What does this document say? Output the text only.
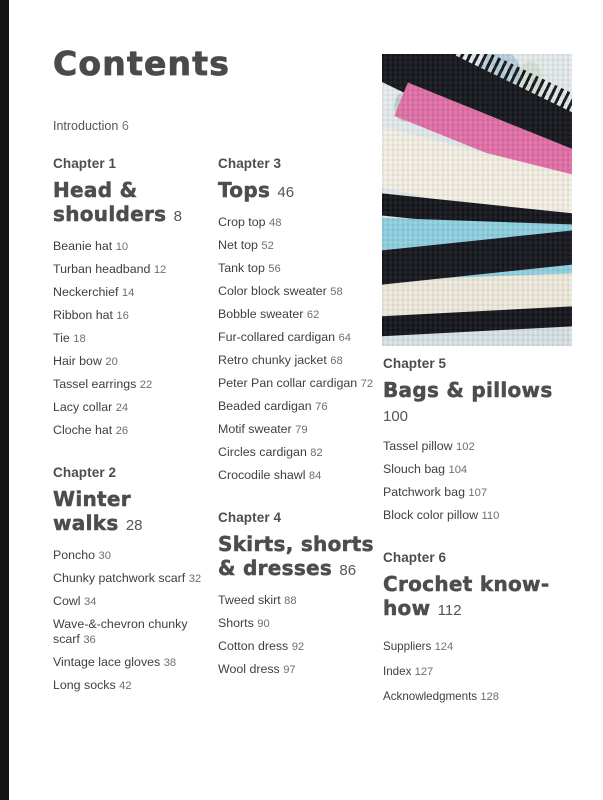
Contents
Introduction 6
Chapter 1
Head & shoulders 8
Beanie hat 10
Turban headband 12
Neckerchief 14
Ribbon hat 16
Tie 18
Hair bow 20
Tassel earrings 22
Lacy collar 24
Cloche hat 26
Chapter 2
Winter walks 28
Poncho 30
Chunky patchwork scarf 32
Cowl 34
Wave-&-chevron chunky scarf 36
Vintage lace gloves 38
Long socks 42
Chapter 3
Tops 46
Crop top 48
Net top 52
Tank top 56
Color block sweater 58
Bobble sweater 62
Fur-collared cardigan 64
Retro chunky jacket 68
Peter Pan collar cardigan 72
Beaded cardigan 76
Motif sweater 79
Circles cardigan 82
Crocodile shawl 84
Chapter 4
Skirts, shorts & dresses 86
Tweed skirt 88
Shorts 90
Cotton dress 92
Wool dress 97
Chapter 5
Bags & pillows 100
Tassel pillow 102
Slouch bag 104
Patchwork bag 107
Block color pillow 110
Chapter 6
Crochet know-how 112
Suppliers 124
Index 127
Acknowledgments 128
